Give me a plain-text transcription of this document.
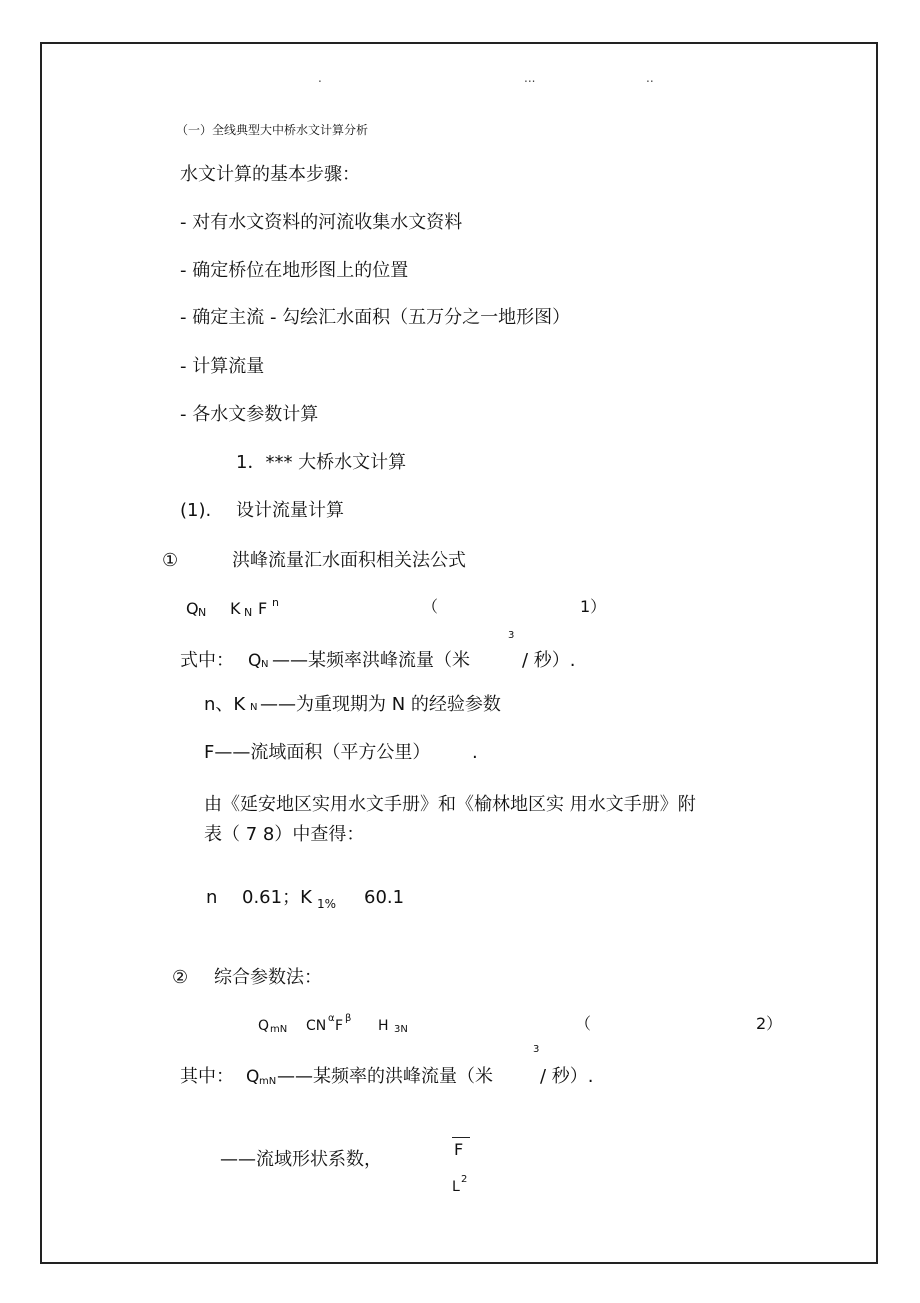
.	...	..
（一）全线典型大中桥水文计算分析
水文计算的基本步骤：
- 对有水文资料的河流收集水文资料
- 确定桥位在地形图上的位置
- 确定主流 - 勾绘汇水面积（五万分之一地形图）
- 计算流量
- 各水文参数计算
1．*** 大桥水文计算
(1). 设计流量计算
①	洪峰流量汇水面积相关法公式
Q N K N F n	（	1）
3
式中： Q N ——某频率洪峰流量（米	/ 秒）.
n、K N ——为重现期为 N 的经验参数
F——流域面积（平方公里） .
由《延安地区实用水文手册》和《榆林地区实 用水文手册》附
表（ 7 8）中查得：
n 0.61；K 1% 60.1
② 综合参数法：
Q mN CN α F β H 3N	（	2）
3
其中： Q mN ——某频率的洪峰流量（米	/ 秒）.
——流域形状系数，	F
L 2
